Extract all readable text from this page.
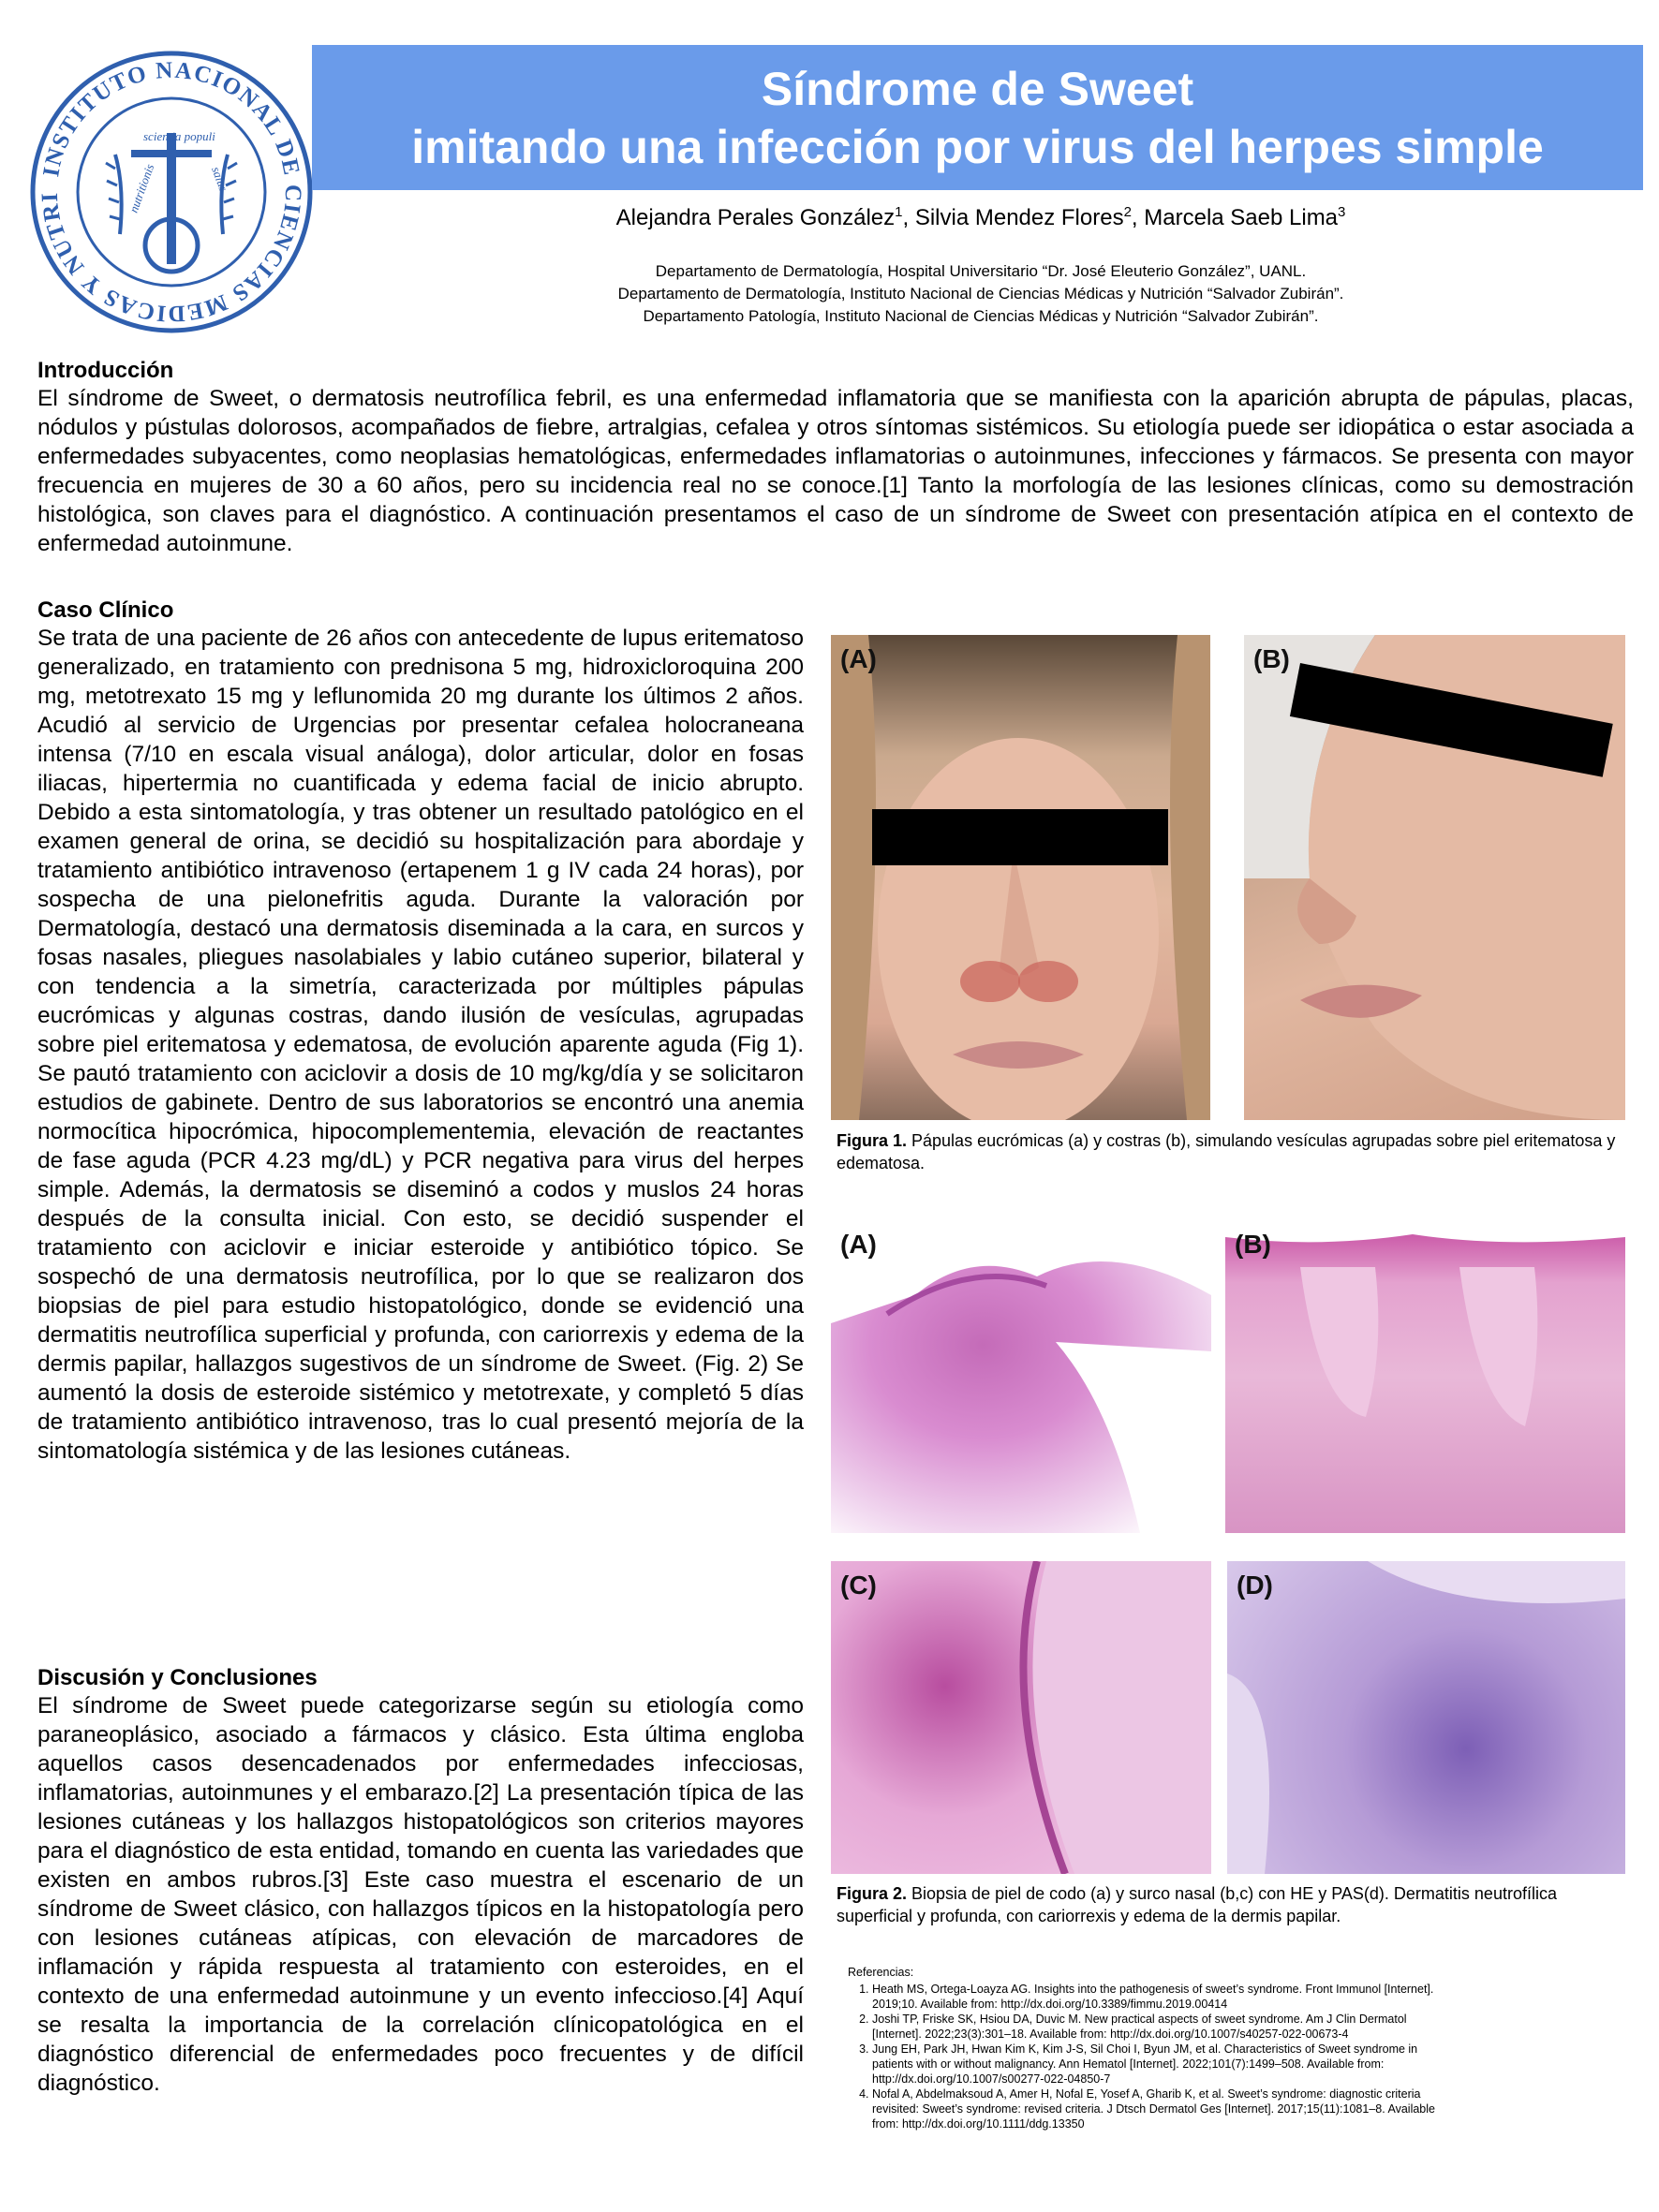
INSTITUTO NACIONAL DE CIENCIAS MEDICAS Y NUTRI	nutritionis
scientia populi
salus
Síndrome de Sweet
imitando una infección por virus del herpes simple
Alejandra Perales González$^1$, Silvia Mendez Flores$^2$, Marcela Saeb Lima$^3$
Departamento de Dermatología, Hospital Universitario “Dr. José Eleuterio González”, UANL.
Departamento de Dermatología, Instituto Nacional de Ciencias Médicas y Nutrición “Salvador Zubirán”.
Departamento Patología, Instituto Nacional de Ciencias Médicas y Nutrición “Salvador Zubirán”.
Introducción
El síndrome de Sweet, o dermatosis neutrofílica febril, es una enfermedad inflamatoria que se manifiesta con la aparición abrupta de pápulas, placas, nódulos y pústulas dolorosos, acompañados de fiebre, artralgias, cefalea y otros síntomas sistémicos. Su etiología puede ser idiopática o estar asociada a enfermedades subyacentes, como neoplasias hematológicas, enfermedades inflamatorias o autoinmunes, infecciones y fármacos. Se presenta con mayor frecuencia en mujeres de 30 a 60 años, pero su incidencia real no se conoce.[1] Tanto la morfología de las lesiones clínicas, como su demostración histológica, son claves para el diagnóstico. A continuación presentamos el caso de un síndrome de Sweet con presentación atípica en el contexto de enfermedad autoinmune.
Caso Clínico
Se trata de una paciente de 26 años con antecedente de lupus eritematoso generalizado, en tratamiento con prednisona 5 mg, hidroxicloroquina 200 mg, metotrexato 15 mg y leflunomida 20 mg durante los últimos 2 años. Acudió al servicio de Urgencias por presentar cefalea holocraneana intensa (7/10 en escala visual análoga), dolor articular, dolor en fosas iliacas, hipertermia no cuantificada y edema facial de inicio abrupto. Debido a esta sintomatología, y tras obtener un resultado patológico en el examen general de orina, se decidió su hospitalización para abordaje y tratamiento antibiótico intravenoso (ertapenem 1 g IV cada 24 horas), por sospecha de una pielonefritis aguda. Durante la valoración por Dermatología, destacó una dermatosis diseminada a la cara, en surcos y fosas nasales, pliegues nasolabiales y labio cutáneo superior, bilateral y con tendencia a la simetría, caracterizada por múltiples pápulas eucrómicas y algunas costras, dando ilusión de vesículas, agrupadas sobre piel eritematosa y edematosa, de evolución aparente aguda (Fig 1). Se pautó tratamiento con aciclovir a dosis de 10 mg/kg/día y se solicitaron estudios de gabinete. Dentro de sus laboratorios se encontró una anemia normocítica hipocrómica, hipocomplementemia, elevación de reactantes de fase aguda (PCR 4.23 mg/dL) y PCR negativa para virus del herpes simple. Además, la dermatosis se diseminó a codos y muslos 24 horas después de la consulta inicial. Con esto, se decidió suspender el tratamiento con aciclovir e iniciar esteroide y antibiótico tópico. Se sospechó de una dermatosis neutrofílica, por lo que se realizaron dos biopsias de piel para estudio histopatológico, donde se evidenció una dermatitis neutrofílica superficial y profunda, con cariorrexis y edema de la dermis papilar, hallazgos sugestivos de un síndrome de Sweet. (Fig. 2) Se aumentó la dosis de esteroide sistémico y metotrexate, y completó 5 días de tratamiento antibiótico intravenoso, tras lo cual presentó mejoría de la sintomatología sistémica y de las lesiones cutáneas.
Discusión y Conclusiones
El síndrome de Sweet puede categorizarse según su etiología como paraneoplásico, asociado a fármacos y clásico. Esta última engloba aquellos casos desencadenados por enfermedades infecciosas, inflamatorias, autoinmunes y el embarazo.[2] La presentación típica de las lesiones cutáneas y los hallazgos histopatológicos son criterios mayores para el diagnóstico de esta entidad, tomando en cuenta las variedades que existen en ambos rubros.[3] Este caso muestra el escenario de un síndrome de Sweet clásico, con hallazgos típicos en la histopatología pero con lesiones cutáneas atípicas, con elevación de marcadores de inflamación y rápida respuesta al tratamiento con esteroides, en el contexto de una enfermedad autoinmune y un evento infeccioso.[4] Aquí se resalta la importancia de la correlación clínicopatológica en el diagnóstico diferencial de enfermedades poco frecuentes y de difícil diagnóstico.
(A)	(B)
Figura 1. Pápulas eucrómicas (a) y costras (b), simulando vesículas agrupadas sobre piel eritematosa y edematosa.
(A)	(B)
(C)	(D)
Figura 2. Biopsia de piel de codo (a) y surco nasal (b,c) con HE y PAS(d). Dermatitis neutrofílica superficial y profunda, con cariorrexis y edema de la dermis papilar.
Referencias:
1. Heath MS, Ortega-Loayza AG. Insights into the pathogenesis of sweet’s syndrome. Front Immunol [Internet]. 2019;10. Available from: http://dx.doi.org/10.3389/fimmu.2019.00414
2. Joshi TP, Friske SK, Hsiou DA, Duvic M. New practical aspects of sweet syndrome. Am J Clin Dermatol [Internet]. 2022;23(3):301–18. Available from: http://dx.doi.org/10.1007/s40257-022-00673-4
3. Jung EH, Park JH, Hwan Kim K, Kim J-S, Sil Choi I, Byun JM, et al. Characteristics of Sweet syndrome in patients with or without malignancy. Ann Hematol [Internet]. 2022;101(7):1499–508. Available from: http://dx.doi.org/10.1007/s00277-022-04850-7
4. Nofal A, Abdelmaksoud A, Amer H, Nofal E, Yosef A, Gharib K, et al. Sweet’s syndrome: diagnostic criteria revisited: Sweet’s syndrome: revised criteria. J Dtsch Dermatol Ges [Internet]. 2017;15(11):1081–8. Available from: http://dx.doi.org/10.1111/ddg.13350
